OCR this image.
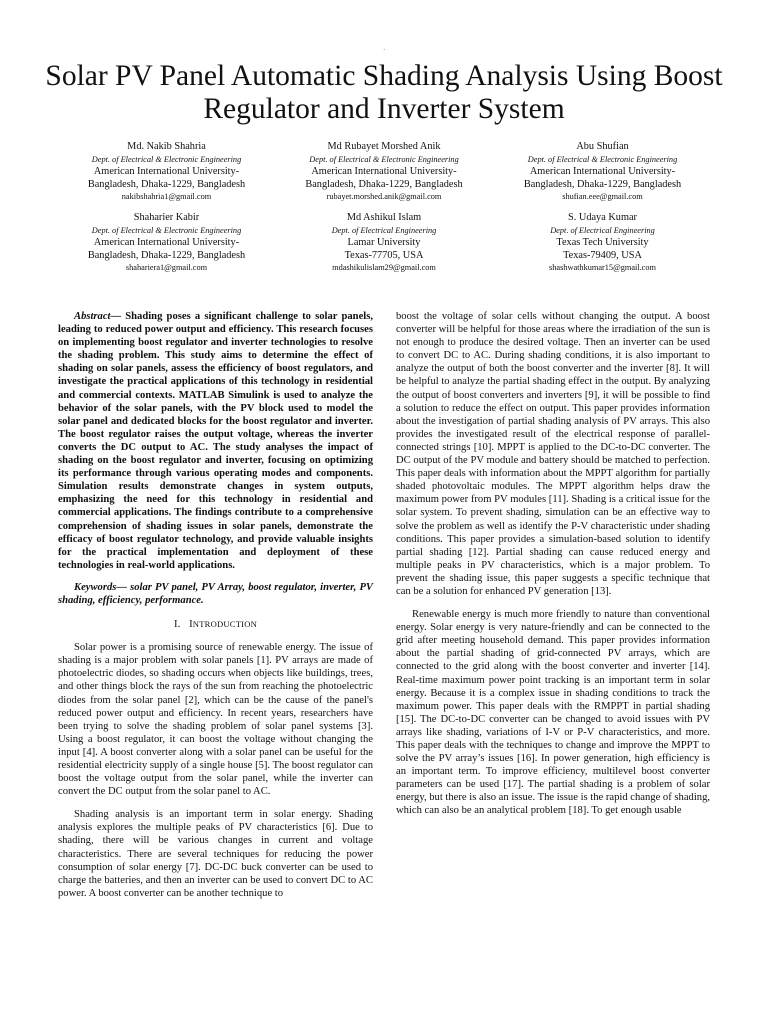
·
Solar PV Panel Automatic Shading Analysis Using Boost Regulator and Inverter System
Md. Nakib Shahria
Dept. of Electrical & Electronic Engineering
American International University-
Bangladesh, Dhaka-1229, Bangladesh
nakibshahria1@gmail.com
Md Rubayet Morshed Anik
Dept. of Electrical & Electronic Engineering
American International University-
Bangladesh, Dhaka-1229, Bangladesh
rubayet.morshed.anik@gmail.com
Abu Shufian
Dept. of Electrical & Electronic Engineering
American International University-
Bangladesh, Dhaka-1229, Bangladesh
shufian.eee@gmail.com
Shaharier Kabir
Dept. of Electrical & Electronic Engineering
American International University-
Bangladesh, Dhaka-1229, Bangladesh
shahariera1@gmail.com
Md Ashikul Islam
Dept. of Electrical Engineering
Lamar University
Texas-77705, USA
mdashikulislam29@gmail.com
S. Udaya Kumar
Dept. of Electrical Engineering
Texas Tech University
Texas-79409, USA
shashwathkumar15@gmail.com

Abstract— Shading poses a significant challenge to solar panels, leading to reduced power output and efficiency. This research focuses on implementing boost regulator and inverter technologies to resolve the shading problem. This study aims to determine the effect of shading on solar panels, assess the efficiency of boost regulators, and investigate the practical applications of this technology in residential and commercial contexts. MATLAB Simulink is used to analyze the behavior of the solar panels, with the PV block used to model the solar panel and dedicated blocks for the boost regulator and inverter. The boost regulator raises the output voltage, whereas the inverter converts the DC output to AC. The study analyses the impact of shading on the boost regulator and inverter, focusing on optimizing its performance through various operating modes and components. Simulation results demonstrate changes in system outputs, emphasizing the need for this technology in residential and commercial applications. The findings contribute to a comprehensive comprehension of shading issues in solar panels, demonstrate the efficacy of boost regulator technology, and provide valuable insights for the practical implementation and deployment of these technologies in real-world applications.

Keywords— solar PV panel, PV Array, boost regulator, inverter, PV shading, efficiency, performance.

I. INTRODUCTION

Solar power is a promising source of renewable energy. The issue of shading is a major problem with solar panels [1]. PV arrays are made of photoelectric diodes, so shading occurs when objects like buildings, trees, and other things block the rays of the sun from reaching the photoelectric diodes from the solar panel [2], which can be the cause of the panel's reduced power output and efficiency. In recent years, researchers have been trying to solve the shading problem of solar panel systems [3]. Using a boost regulator, it can boost the voltage without changing the input [4]. A boost converter along with a solar panel can be useful for the residential electricity supply of a single house [5]. The boost regulator can boost the voltage output from the solar panel, while the inverter can convert the DC output from the solar panel to AC.

Shading analysis is an important term in solar energy. Shading analysis explores the multiple peaks of PV characteristics [6]. Due to shading, there will be various changes in current and voltage characteristics. There are several techniques for reducing the power consumption of solar energy [7]. DC-DC buck converter can be used to charge the batteries, and then an inverter can be used to convert DC to AC power. A boost converter can be another technique to

boost the voltage of solar cells without changing the output. A boost converter will be helpful for those areas where the irradiation of the sun is not enough to produce the desired voltage. Then an inverter can be used to convert DC to AC. During shading conditions, it is also important to analyze the output of both the boost converter and the inverter [8]. It will be helpful to analyze the partial shading effect in the output. By analyzing the output of boost converters and inverters [9], it will be possible to find a solution to reduce the effect on output. This paper provides information about the investigation of partial shading analysis of PV arrays. This also provides the investigated result of the electrical response of parallel-connected strings [10]. MPPT is applied to the DC-to-DC converter. The DC output of the PV module and battery should be matched to perfection. This paper deals with information about the MPPT algorithm for partially shaded photovoltaic modules. The MPPT algorithm helps draw the maximum power from PV modules [11]. Shading is a critical issue for the solar system. To prevent shading, simulation can be an effective way to solve the problem as well as identify the P-V characteristic under shading conditions. This paper provides a simulation-based solution to identify partial shading [12]. Partial shading can cause reduced energy and multiple peaks in PV characteristics, which is a major problem. To prevent the shading issue, this paper suggests a specific technique that can be a solution for enhanced PV generation [13].

Renewable energy is much more friendly to nature than conventional energy. Solar energy is very nature-friendly and can be connected to the grid after meeting household demand. This paper provides information about the partial shading of grid-connected PV arrays, which are connected to the grid along with the boost converter and inverter [14]. Real-time maximum power point tracking is an important term in solar energy. Because it is a complex issue in shading conditions to track the maximum power. This paper deals with the RMPPT in partial shading [15]. The DC-to-DC converter can be changed to avoid issues with PV arrays like shading, variations of I-V or P-V characteristics, and more. This paper deals with the techniques to change and improve the MPPT to solve the PV array’s issues [16]. In power generation, high efficiency is an important term. To improve efficiency, multilevel boost converter parameters can be used [17]. The partial shading is a problem of solar energy, but there is also an issue. The issue is the rapid change of shading, which can also be an analytical problem [18]. To get enough usable
